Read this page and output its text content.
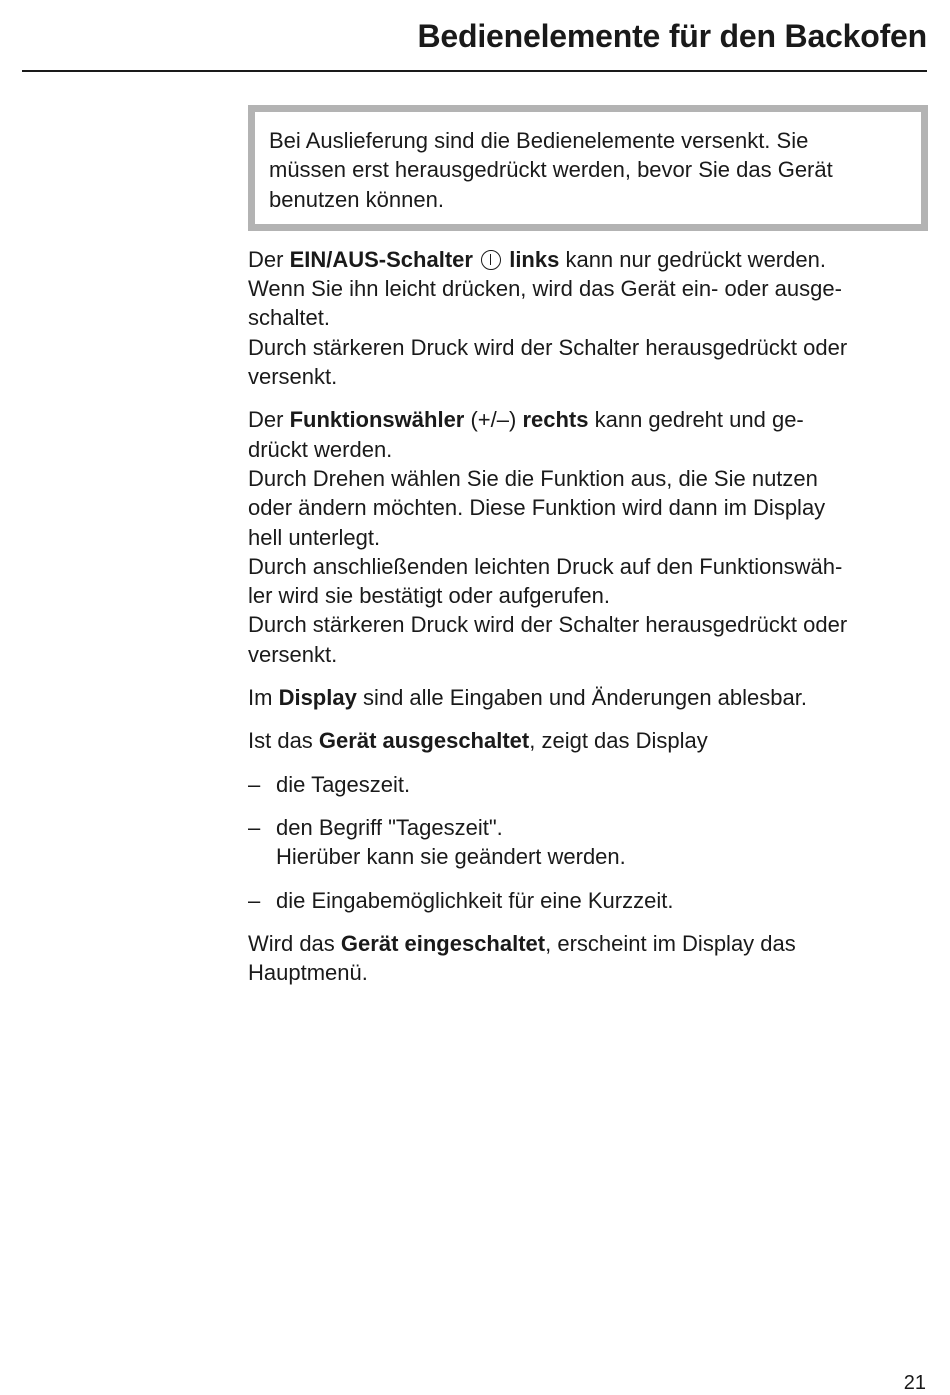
Bedienelemente für den Backofen

Bei Auslieferung sind die Bedienelemente versenkt. Sie
müssen erst herausgedrückt werden, bevor Sie das Gerät
benutzen können.

Der EIN/AUS-Schalter links kann nur gedrückt werden.
Wenn Sie ihn leicht drücken, wird das Gerät ein- oder ausge-
schaltet.
Durch stärkeren Druck wird der Schalter herausgedrückt oder
versenkt.

Der Funktionswähler (+/–) rechts kann gedreht und ge-
drückt werden.
Durch Drehen wählen Sie die Funktion aus, die Sie nutzen
oder ändern möchten. Diese Funktion wird dann im Display
hell unterlegt.
Durch anschließenden leichten Druck auf den Funktionswäh-
ler wird sie bestätigt oder aufgerufen.
Durch stärkeren Druck wird der Schalter herausgedrückt oder
versenkt.

Im Display sind alle Eingaben und Änderungen ablesbar.

Ist das Gerät ausgeschaltet, zeigt das Display

– die Tageszeit.
– den Begriff "Tageszeit".
Hierüber kann sie geändert werden.
– die Eingabemöglichkeit für eine Kurzzeit.

Wird das Gerät eingeschaltet, erscheint im Display das
Hauptmenü.

21
